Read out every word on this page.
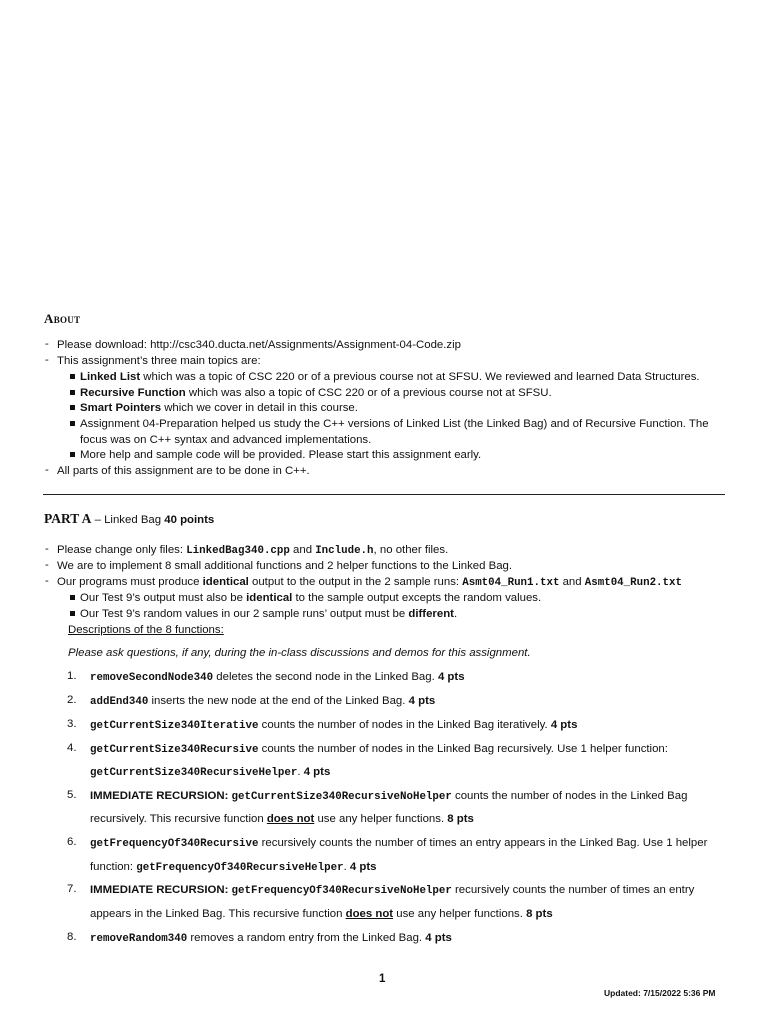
About
- Please download: http://csc340.ducta.net/Assignments/Assignment-04-Code.zip
- This assignment’s three main topics are:
Linked List which was a topic of CSC 220 or of a previous course not at SFSU. We reviewed and learned Data Structures.
Recursive Function which was also a topic of CSC 220 or of a previous course not at SFSU.
Smart Pointers which we cover in detail in this course.
Assignment 04-Preparation helped us study the C++ versions of Linked List (the Linked Bag) and of Recursive Function. The
focus was on C++ syntax and advanced implementations.
More help and sample code will be provided. Please start this assignment early.
- All parts of this assignment are to be done in C++.
PART A – Linked Bag 40 points
- Please change only files: LinkedBag340.cpp and Include.h, no other files.
- We are to implement 8 small additional functions and 2 helper functions to the Linked Bag.
- Our programs must produce identical output to the output in the 2 sample runs: Asmt04_Run1.txt and Asmt04_Run2.txt
Our Test 9’s output must also be identical to the sample output excepts the random values.
Our Test 9’s random values in our 2 sample runs’ output must be different.
Descriptions of the 8 functions:
Please ask questions, if any, during the in-class discussions and demos for this assignment.
1. removeSecondNode340 deletes the second node in the Linked Bag. 4 pts
2. addEnd340 inserts the new node at the end of the Linked Bag. 4 pts
3. getCurrentSize340Iterative counts the number of nodes in the Linked Bag iteratively. 4 pts
4. getCurrentSize340Recursive counts the number of nodes in the Linked Bag recursively. Use 1 helper function:
getCurrentSize340RecursiveHelper. 4 pts
5. IMMEDIATE RECURSION: getCurrentSize340RecursiveNoHelper counts the number of nodes in the Linked Bag
recursively. This recursive function does not use any helper functions. 8 pts
6. getFrequencyOf340Recursive recursively counts the number of times an entry appears in the Linked Bag. Use 1 helper
function: getFrequencyOf340RecursiveHelper. 4 pts
7. IMMEDIATE RECURSION: getFrequencyOf340RecursiveNoHelper recursively counts the number of times an entry
appears in the Linked Bag. This recursive function does not use any helper functions. 8 pts
8. removeRandom340 removes a random entry from the Linked Bag. 4 pts
1
Updated: 7/15/2022 5:36 PM
